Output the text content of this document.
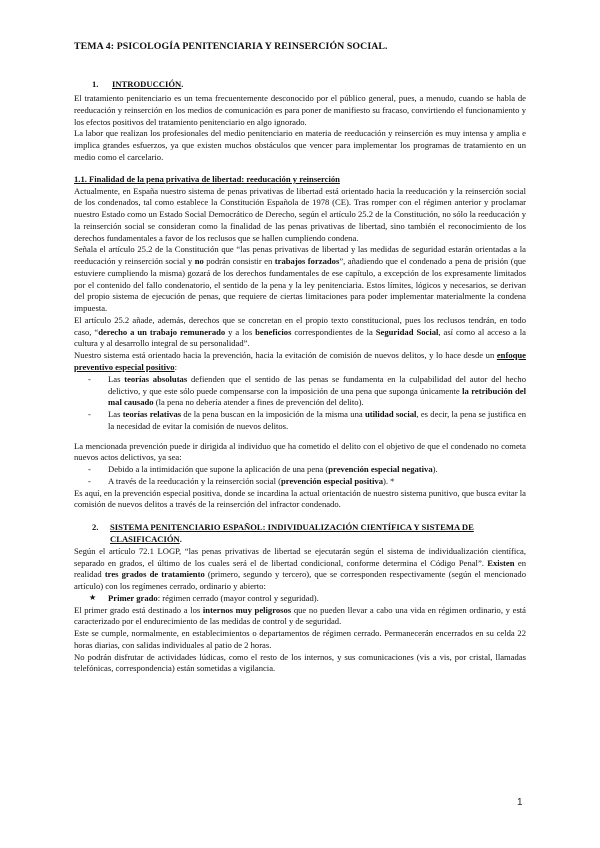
TEMA 4: PSICOLOGÍA PENITENCIARIA Y REINSERCIÓN SOCIAL.
1. INTRODUCCIÓN.

El tratamiento penitenciario es un tema frecuentemente desconocido por el público general, pues, a menudo, cuando se habla de reeducación y reinserción en los medios de comunicación es para poner de manifiesto su fracaso, convirtiendo el funcionamiento y los efectos positivos del tratamiento penitenciario en algo ignorado.

La labor que realizan los profesionales del medio penitenciario en materia de reeducación y reinserción es muy intensa y amplia e implica grandes esfuerzos, ya que existen muchos obstáculos que vencer para implementar los programas de tratamiento en un medio como el carcelario.

1.1. Finalidad de la pena privativa de libertad: reeducación y reinserción

Actualmente, en España nuestro sistema de penas privativas de libertad está orientado hacia la reeducación y la reinserción social de los condenados, tal como establece la Constitución Española de 1978 (CE). Tras romper con el régimen anterior y proclamar nuestro Estado como un Estado Social Democrático de Derecho, según el artículo 25.2 de la Constitución, no sólo la reeducación y la reinserción social se consideran como la finalidad de las penas privativas de libertad, sino también el reconocimiento de los derechos fundamentales a favor de los reclusos que se hallen cumpliendo condena.

Señala el artículo 25.2 de la Constitución que “las penas privativas de libertad y las medidas de seguridad estarán orientadas a la reeducación y reinserción social y no podrán consistir en trabajos forzados”, añadiendo que el condenado a pena de prisión (que estuviere cumpliendo la misma) gozará de los derechos fundamentales de ese capítulo, a excepción de los expresamente limitados por el contenido del fallo condenatorio, el sentido de la pena y la ley penitenciaria. Estos límites, lógicos y necesarios, se derivan del propio sistema de ejecución de penas, que requiere de ciertas limitaciones para poder implementar materialmente la condena impuesta.

El artículo 25.2 añade, además, derechos que se concretan en el propio texto constitucional, pues los reclusos tendrán, en todo caso, “derecho a un trabajo remunerado y a los beneficios correspondientes de la Seguridad Social, así como al acceso a la cultura y al desarrollo integral de su personalidad”.

Nuestro sistema está orientado hacia la prevención, hacia la evitación de comisión de nuevos delitos, y lo hace desde un enfoque preventivo especial positivo:

- Las teorías absolutas defienden que el sentido de las penas se fundamenta en la culpabilidad del autor del hecho delictivo, y que este sólo puede compensarse con la imposición de una pena que suponga únicamente la retribución del mal causado (la pena no debería atender a fines de prevención del delito).
- Las teorías relativas de la pena buscan en la imposición de la misma una utilidad social, es decir, la pena se justifica en la necesidad de evitar la comisión de nuevos delitos.

La mencionada prevención puede ir dirigida al individuo que ha cometido el delito con el objetivo de que el condenado no cometa nuevos actos delictivos, ya sea:

- Debido a la intimidación que supone la aplicación de una pena (prevención especial negativa).
- A través de la reeducación y la reinserción social (prevención especial positiva). *

Es aquí, en la prevención especial positiva, donde se incardina la actual orientación de nuestro sistema punitivo, que busca evitar la comisión de nuevos delitos a través de la reinserción del infractor condenado.

2. SISTEMA PENITENCIARIO ESPAÑOL: INDIVIDUALIZACIÓN CIENTÍFICA Y SISTEMA DE CLASIFICACIÓN.

Según el artículo 72.1 LOGP, “las penas privativas de libertad se ejecutarán según el sistema de individualización científica, separado en grados, el último de los cuales será el de libertad condicional, conforme determina el Código Penal”. Existen en realidad tres grados de tratamiento (primero, segundo y tercero), que se corresponden respectivamente (según el mencionado artículo) con los regímenes cerrado, ordinario y abierto:

★ Primer grado: régimen cerrado (mayor control y seguridad).

El primer grado está destinado a los internos muy peligrosos que no pueden llevar a cabo una vida en régimen ordinario, y está caracterizado por el endurecimiento de las medidas de control y de seguridad.

Este se cumple, normalmente, en establecimientos o departamentos de régimen cerrado. Permanecerán encerrados en su celda 22 horas diarias, con salidas individuales al patio de 2 horas.

No podrán disfrutar de actividades lúdicas, como el resto de los internos, y sus comunicaciones (vis a vis, por cristal, llamadas telefónicas, correspondencia) están sometidas a vigilancia.

1
